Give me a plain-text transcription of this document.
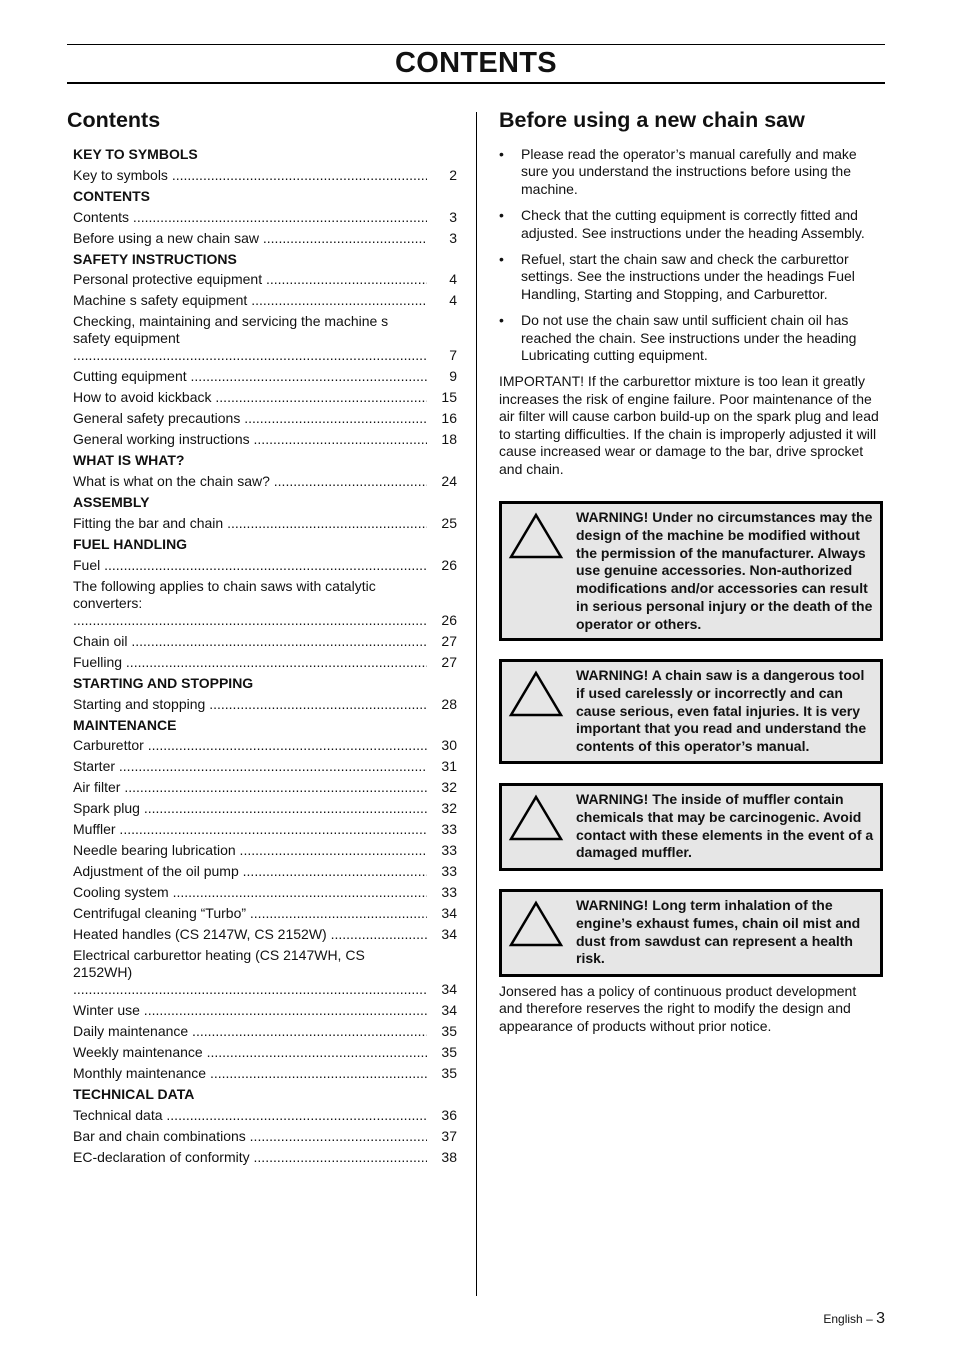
CONTENTS
Contents
KEY TO SYMBOLS
Key to symbols .....	2
CONTENTS
Contents .....	3
Before using a new chain saw .....	3
SAFETY INSTRUCTIONS
Personal protective equipment .....	4
Machine s safety equipment .....	4
Checking, maintaining and servicing the machine s safety equipment .....
7
Cutting equipment .....	9
How to avoid kickback .....	15
General safety precautions .....	16
General working instructions .....	18
WHAT IS WHAT?
What is what on the chain saw? .....	24
ASSEMBLY
Fitting the bar and chain .....	25
FUEL HANDLING
Fuel .....	26
The following applies to chain saws with catalytic converters: .....
26
Chain oil .....	27
Fuelling .....	27
STARTING AND STOPPING
Starting and stopping .....	28
MAINTENANCE
Carburettor .....	30
Starter .....	31
Air filter .....	32
Spark plug .....	32
Muffler .....	33
Needle bearing lubrication .....	33
Adjustment of the oil pump .....	33
Cooling system .....	33
Centrifugal cleaning “Turbo” .....	34
Heated handles (CS 2147W, CS 2152W) .....	34
Electrical carburettor heating (CS 2147WH, CS 2152WH) .....
34
Winter use .....	34
Daily maintenance .....	35
Weekly maintenance .....	35
Monthly maintenance .....	35
TECHNICAL DATA
Technical data .....	36
Bar and chain combinations .....	37
EC-declaration of conformity .....	38
Before using a new chain saw
• Please read the operator’s manual carefully and make sure you understand the instructions before using the machine.
• Check that the cutting equipment is correctly fitted and adjusted. See instructions under the heading Assembly.
• Refuel, start the chain saw and check the carburettor settings. See the instructions under the headings Fuel Handling, Starting and Stopping, and Carburettor.
• Do not use the chain saw until sufficient chain oil has reached the chain. See instructions under the heading Lubricating cutting equipment.

IMPORTANT! If the carburettor mixture is too lean it greatly increases the risk of engine failure. Poor maintenance of the air filter will cause carbon build-up on the spark plug and lead to starting difficulties. If the chain is improperly adjusted it will cause increased wear or damage to the bar, drive sprocket and chain.

WARNING! Under no circumstances may the design of the machine be modified without the permission of the manufacturer. Always use genuine accessories. Non-authorized modifications and/or accessories can result in serious personal injury or the death of the operator or others.
WARNING! A chain saw is a dangerous tool if used carelessly or incorrectly and can cause serious, even fatal injuries. It is very important that you read and understand the contents of this operator’s manual.
WARNING! The inside of muffler contain chemicals that may be carcinogenic. Avoid contact with these elements in the event of a damaged muffler.
WARNING! Long term inhalation of the engine’s exhaust fumes, chain oil mist and dust from sawdust can represent a health risk.

Jonsered has a policy of continuous product development and therefore reserves the right to modify the design and appearance of products without prior notice.

English – 3
